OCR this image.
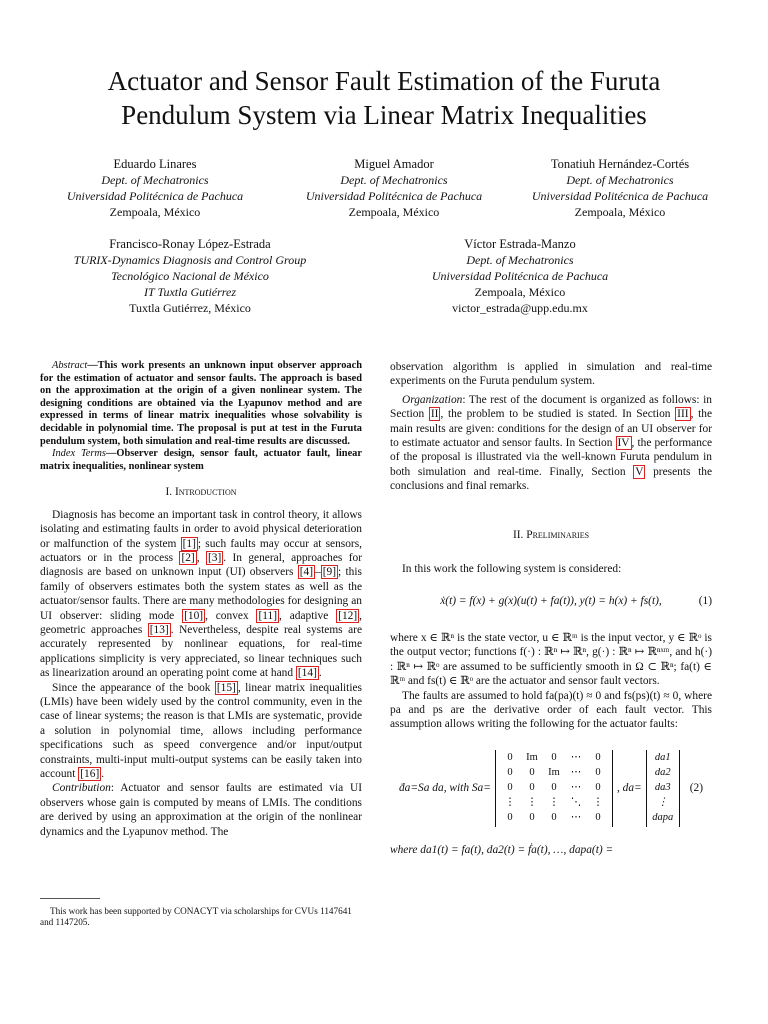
Actuator and Sensor Fault Estimation of the Furuta
Pendulum System via Linear Matrix Inequalities
Eduardo Linares
Dept. of Mechatronics
Universidad Politécnica de Pachuca
Zempoala, México
Miguel Amador
Dept. of Mechatronics
Universidad Politécnica de Pachuca
Zempoala, México
Tonatiuh Hernández-Cortés
Dept. of Mechatronics
Universidad Politécnica de Pachuca
Zempoala, México
Francisco-Ronay López-Estrada
TURIX-Dynamics Diagnosis and Control Group
Tecnológico Nacional de México
IT Tuxtla Gutiérrez
Tuxtla Gutiérrez, México
Víctor Estrada-Manzo
Dept. of Mechatronics
Universidad Politécnica de Pachuca
Zempoala, México
victor_estrada@upp.edu.mx

Abstract—This work presents an unknown input observer approach for the estimation of actuator and sensor faults. The approach is based on the approximation at the origin of a given nonlinear system. The designing conditions are obtained via the Lyapunov method and are expressed in terms of linear matrix inequalities whose solvability is decidable in polynomial time. The proposal is put at test in the Furuta pendulum system, both simulation and real-time results are discussed.

Index Terms—Observer design, sensor fault, actuator fault, linear matrix inequalities, nonlinear system

I. Introduction

Diagnosis has become an important task in control theory, it allows isolating and estimating faults in order to avoid physical deterioration or malfunction of the system [1] ; such faults may occur at sensors, actuators or in the process [2] , [3] . In general, approaches for diagnosis are based on unknown input (UI) observers [4] – [9] ; this family of observers estimates both the system states as well as the actuator/sensor faults. There are many methodologies for designing an UI observer: sliding mode [10] , convex [11] , adaptive [12] , geometric approaches [13] . Nevertheless, despite real systems are accurately represented by nonlinear equations, for real-time applications simplicity is very appreciated, so linear techniques such as linearization around an operating point come at hand [14] .

Since the appearance of the book [15] , linear matrix inequalities (LMIs) have been widely used by the control community, even in the case of linear systems; the reason is that LMIs are systematic, provide a solution in polynomial time, allows including performance specifications such as speed convergence and/or input/output constraints, multi-input multi-output systems can be easily taken into account [16] .

Contribution: Actuator and sensor faults are estimated via UI observers whose gain is computed by means of LMIs. The conditions are derived by using an approximation at the origin of the nonlinear dynamics and the Lyapunov method. The

This work has been supported by CONACYT via scholarships for CVUs 1147641 and 1147205.

observation algorithm is applied in simulation and real-time experiments on the Furuta pendulum system.

Organization: The rest of the document is organized as follows: in Section II , the problem to be studied is stated. In Section III , the main results are given: conditions for the design of an UI observer for to estimate actuator and sensor faults. In Section IV , the performance of the proposal is illustrated via the well-known Furuta pendulum in both simulation and real-time. Finally, Section V presents the conclusions and final remarks.

II. Preliminaries

In this work the following system is considered:

ẋ(t) = f(x) + g(x)(u(t) + fa(t)), y(t) = h(x) + fs(t),	(1)

where x ∈ ℝⁿ is the state vector, u ∈ ℝᵐ is the input vector, y ∈ ℝᵒ is the output vector; functions f(·) : ℝⁿ ↦ ℝⁿ, g(·) : ℝⁿ ↦ ℝⁿˣᵐ, and h(·) : ℝⁿ ↦ ℝᵒ are assumed to be sufficiently smooth in Ω ⊂ ℝⁿ; fa(t) ∈ ℝᵐ and fs(t) ∈ ℝᵒ are the actuator and sensor fault vectors.

The faults are assumed to hold fa(pa)(t) ≈ 0 and fs(ps)(t) ≈ 0, where pa and ps are the derivative order of each fault vector. This assumption allows writing the following for the actuator faults:

ḋa=Sa da, with Sa=
0	Im	0	⋯	0
0	0	Im	⋯	0
0	0	0	⋯	0
⋮	⋮	⋮	⋱	⋮
0	0	0	⋯	0
, da=
da1
da2
da3
⋮
dapa
(2)

where da1(t) = fa(t), da2(t) = ḟa(t), …, dapa(t) =
